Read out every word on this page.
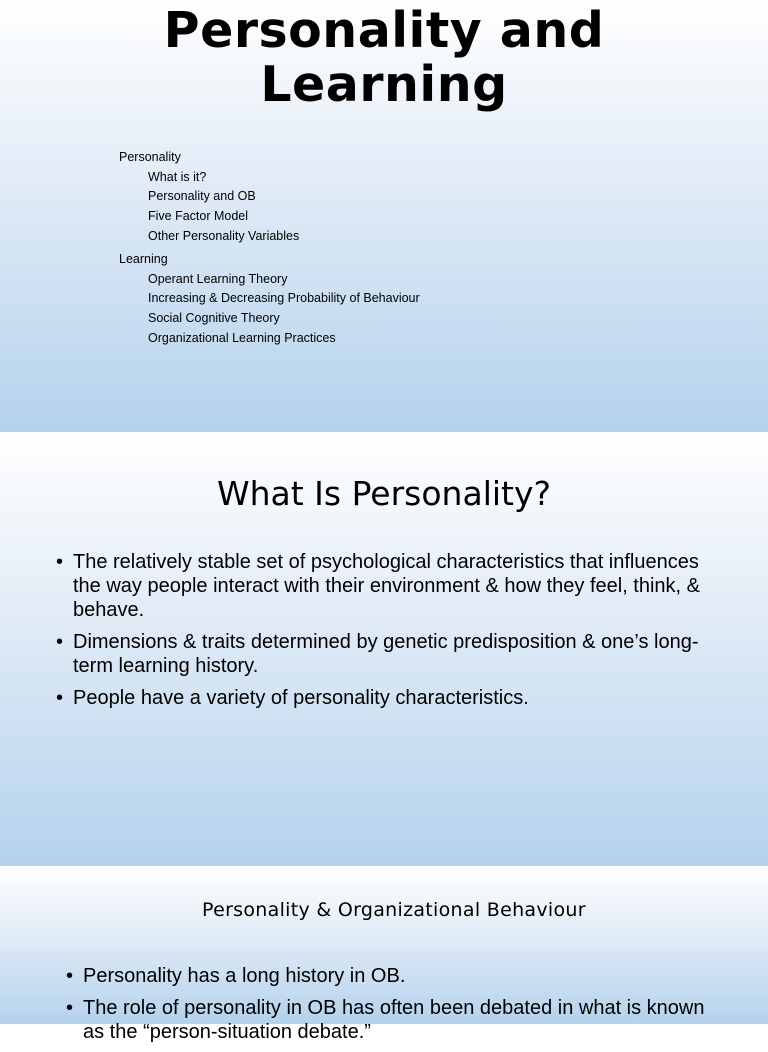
Personality and
Learning
Personality
What is it?
Personality and OB
Five Factor Model
Other Personality Variables
Learning
Operant Learning Theory
Increasing & Decreasing Probability of Behaviour
Social Cognitive Theory
Organizational Learning Practices
What Is Personality?
• The relatively stable set of psychological characteristics that influences the way people interact with their environment & how they feel, think, & behave.
• Dimensions & traits determined by genetic predisposition & one’s long-term learning history.
• People have a variety of personality characteristics.
Personality & Organizational Behaviour
• Personality has a long history in OB.
• The role of personality in OB has often been debated in what is known as the “person-situation debate.”
